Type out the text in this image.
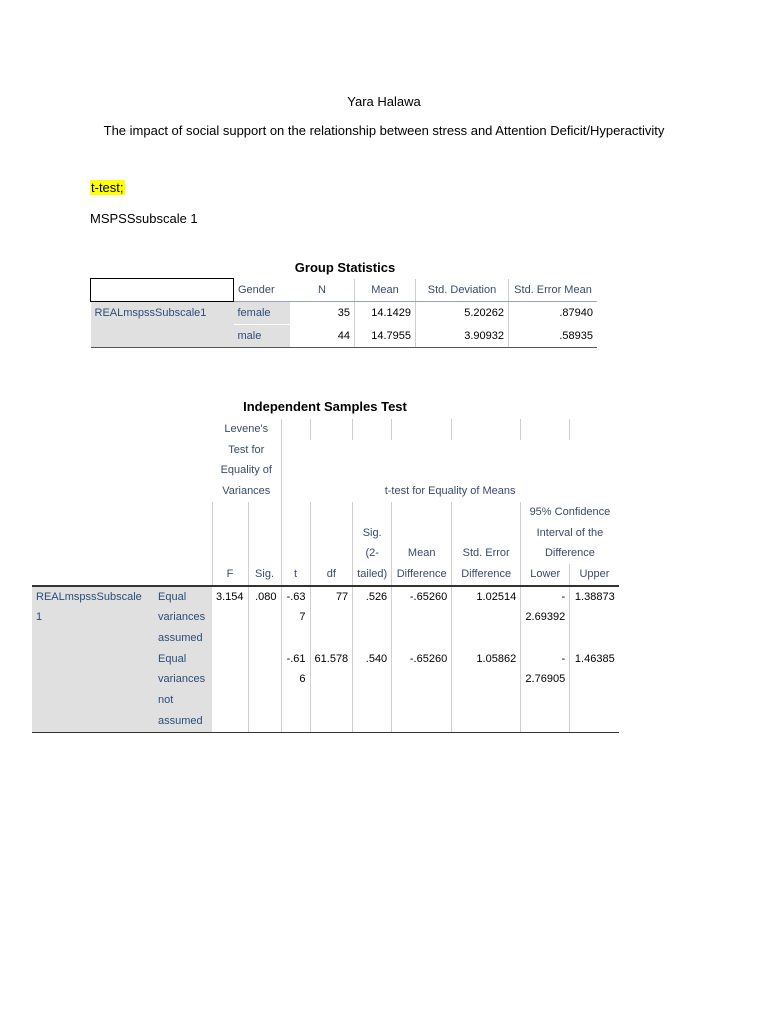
Yara Halawa
The impact of social support on the relationship between stress and Attention Deficit/Hyperactivity
t-test;
MSPSSsubscale 1
Group Statistics
	Gender	N	Mean	Std. Deviation	Std. Error Mean
REALmspssSubscale1	female	35	14.1429	5.20262	.87940
	male	44	14.7955	3.90932	.58935
Independent Samples Test
		Levene's								
		Test for								
		Equality of								
		Variances		t-test for Equality of Means						
									95% Confidence	
						Sig.			Interval of the	
						(2-	Mean	Std. Error	Difference	
		F	Sig.	t	df	tailed)	Difference	Difference	Lower	Upper
REALmspssSubscale	Equal	3.154	.080	-.63	77	.526	-.65260	1.02514	-	1.38873
1	variances			7					2.69392	
	assumed									
	Equal			-.61	61.578	.540	-.65260	1.05862	-	1.46385
	variances			6					2.76905	
	not									
	assumed									
